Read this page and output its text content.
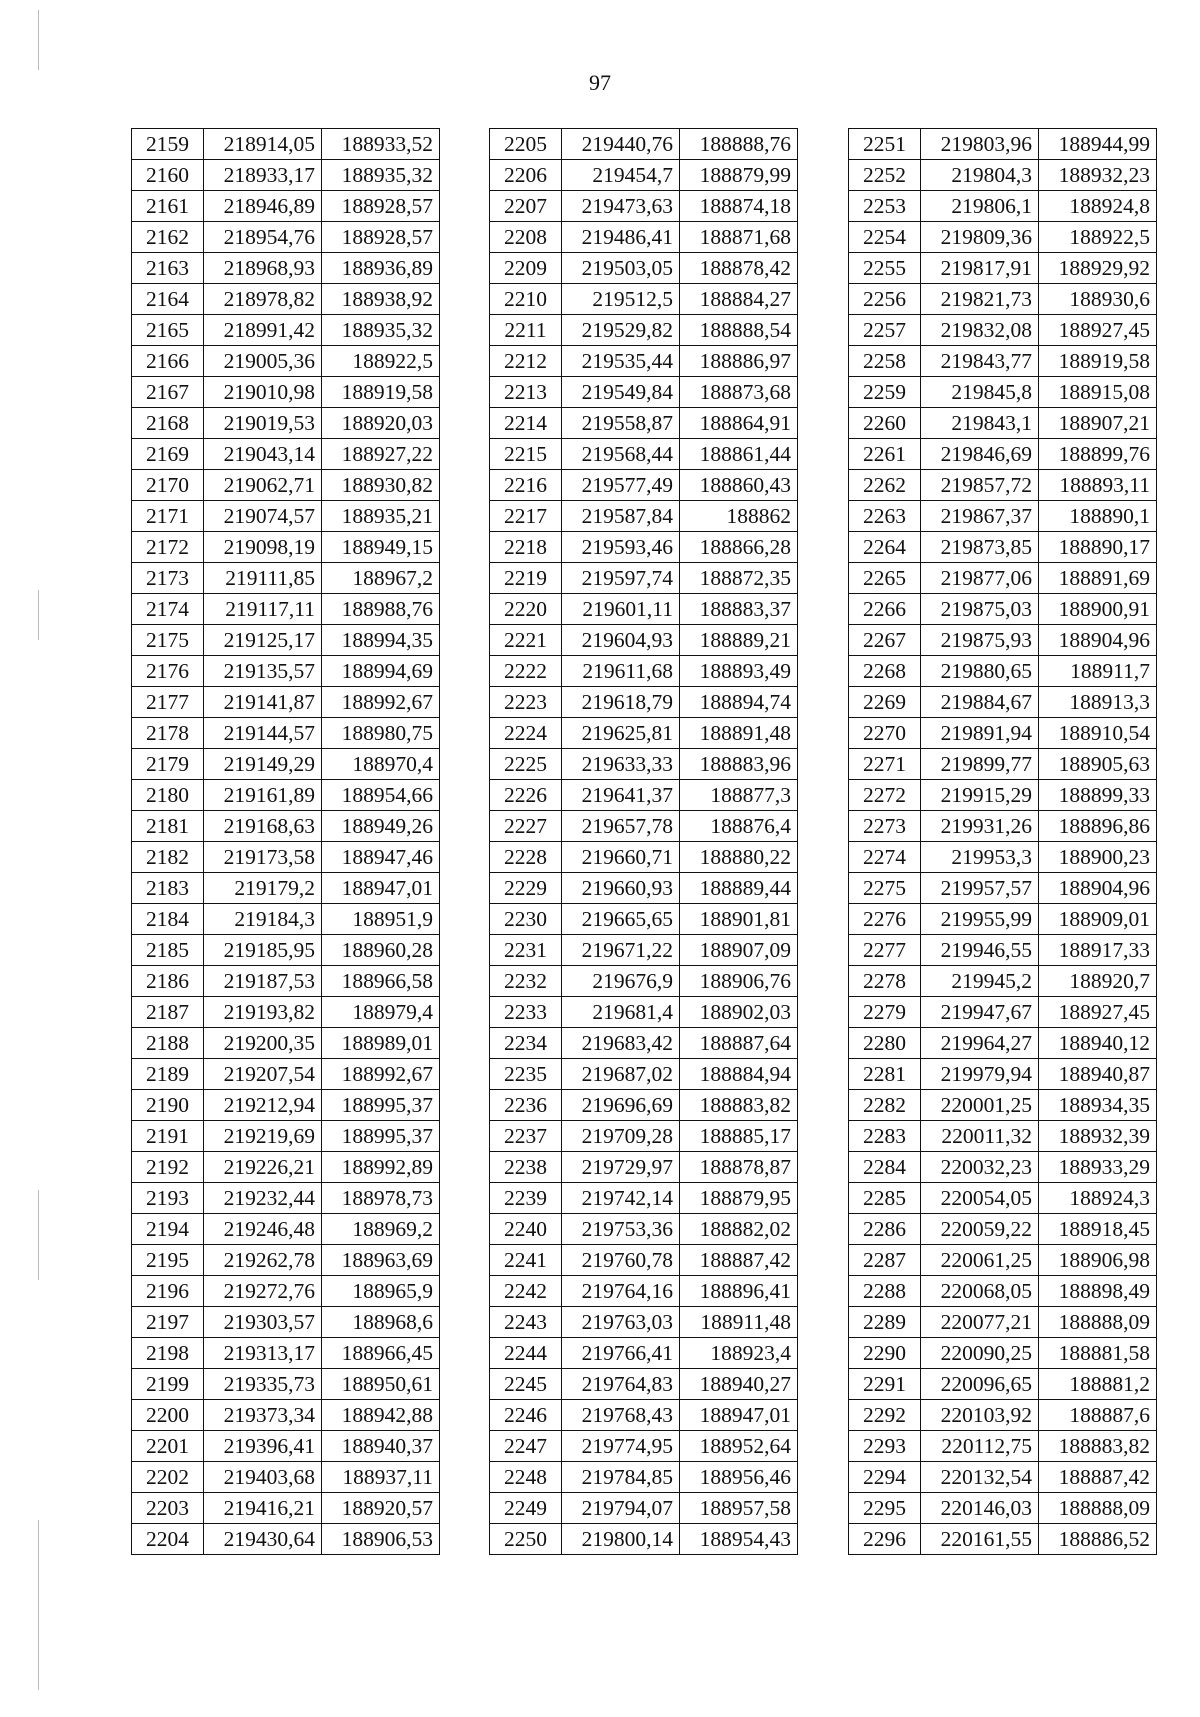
97
2159	218914,05	188933,52
2160	218933,17	188935,32
2161	218946,89	188928,57
2162	218954,76	188928,57
2163	218968,93	188936,89
2164	218978,82	188938,92
2165	218991,42	188935,32
2166	219005,36	188922,5
2167	219010,98	188919,58
2168	219019,53	188920,03
2169	219043,14	188927,22
2170	219062,71	188930,82
2171	219074,57	188935,21
2172	219098,19	188949,15
2173	219111,85	188967,2
2174	219117,11	188988,76
2175	219125,17	188994,35
2176	219135,57	188994,69
2177	219141,87	188992,67
2178	219144,57	188980,75
2179	219149,29	188970,4
2180	219161,89	188954,66
2181	219168,63	188949,26
2182	219173,58	188947,46
2183	219179,2	188947,01
2184	219184,3	188951,9
2185	219185,95	188960,28
2186	219187,53	188966,58
2187	219193,82	188979,4
2188	219200,35	188989,01
2189	219207,54	188992,67
2190	219212,94	188995,37
2191	219219,69	188995,37
2192	219226,21	188992,89
2193	219232,44	188978,73
2194	219246,48	188969,2
2195	219262,78	188963,69
2196	219272,76	188965,9
2197	219303,57	188968,6
2198	219313,17	188966,45
2199	219335,73	188950,61
2200	219373,34	188942,88
2201	219396,41	188940,37
2202	219403,68	188937,11
2203	219416,21	188920,57
2204	219430,64	188906,53
2205	219440,76	188888,76
2206	219454,7	188879,99
2207	219473,63	188874,18
2208	219486,41	188871,68
2209	219503,05	188878,42
2210	219512,5	188884,27
2211	219529,82	188888,54
2212	219535,44	188886,97
2213	219549,84	188873,68
2214	219558,87	188864,91
2215	219568,44	188861,44
2216	219577,49	188860,43
2217	219587,84	188862
2218	219593,46	188866,28
2219	219597,74	188872,35
2220	219601,11	188883,37
2221	219604,93	188889,21
2222	219611,68	188893,49
2223	219618,79	188894,74
2224	219625,81	188891,48
2225	219633,33	188883,96
2226	219641,37	188877,3
2227	219657,78	188876,4
2228	219660,71	188880,22
2229	219660,93	188889,44
2230	219665,65	188901,81
2231	219671,22	188907,09
2232	219676,9	188906,76
2233	219681,4	188902,03
2234	219683,42	188887,64
2235	219687,02	188884,94
2236	219696,69	188883,82
2237	219709,28	188885,17
2238	219729,97	188878,87
2239	219742,14	188879,95
2240	219753,36	188882,02
2241	219760,78	188887,42
2242	219764,16	188896,41
2243	219763,03	188911,48
2244	219766,41	188923,4
2245	219764,83	188940,27
2246	219768,43	188947,01
2247	219774,95	188952,64
2248	219784,85	188956,46
2249	219794,07	188957,58
2250	219800,14	188954,43
2251	219803,96	188944,99
2252	219804,3	188932,23
2253	219806,1	188924,8
2254	219809,36	188922,5
2255	219817,91	188929,92
2256	219821,73	188930,6
2257	219832,08	188927,45
2258	219843,77	188919,58
2259	219845,8	188915,08
2260	219843,1	188907,21
2261	219846,69	188899,76
2262	219857,72	188893,11
2263	219867,37	188890,1
2264	219873,85	188890,17
2265	219877,06	188891,69
2266	219875,03	188900,91
2267	219875,93	188904,96
2268	219880,65	188911,7
2269	219884,67	188913,3
2270	219891,94	188910,54
2271	219899,77	188905,63
2272	219915,29	188899,33
2273	219931,26	188896,86
2274	219953,3	188900,23
2275	219957,57	188904,96
2276	219955,99	188909,01
2277	219946,55	188917,33
2278	219945,2	188920,7
2279	219947,67	188927,45
2280	219964,27	188940,12
2281	219979,94	188940,87
2282	220001,25	188934,35
2283	220011,32	188932,39
2284	220032,23	188933,29
2285	220054,05	188924,3
2286	220059,22	188918,45
2287	220061,25	188906,98
2288	220068,05	188898,49
2289	220077,21	188888,09
2290	220090,25	188881,58
2291	220096,65	188881,2
2292	220103,92	188887,6
2293	220112,75	188883,82
2294	220132,54	188887,42
2295	220146,03	188888,09
2296	220161,55	188886,52
